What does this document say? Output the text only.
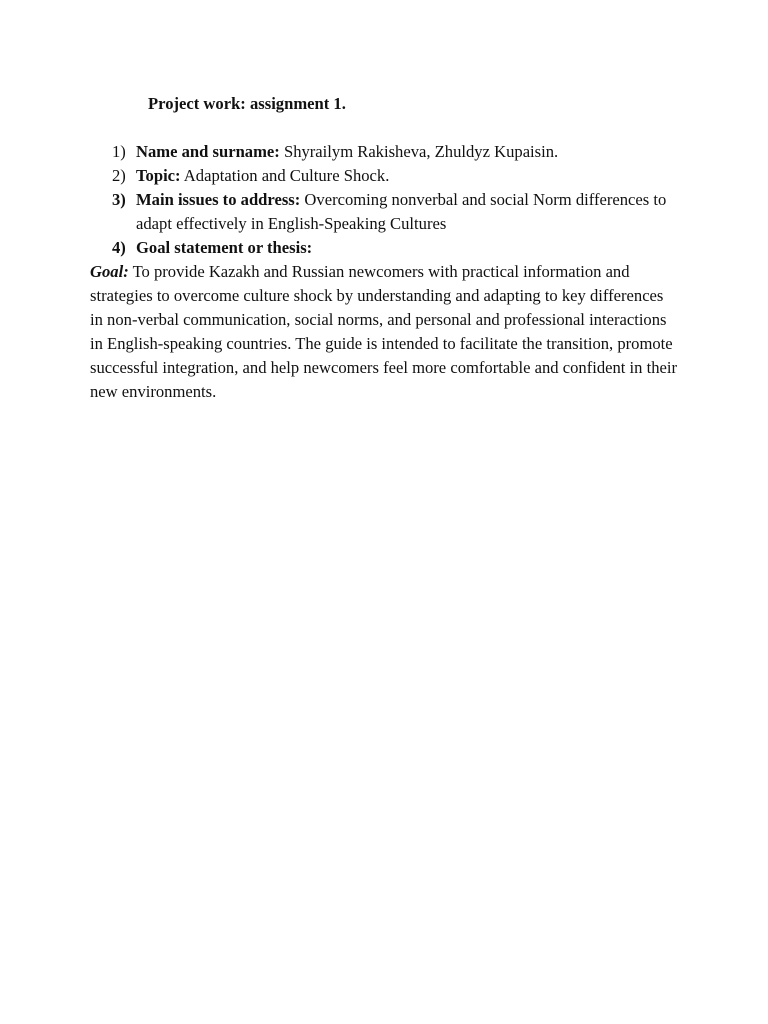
Project work: assignment 1.
1) Name and surname: Shyrailym Rakisheva, Zhuldyz Kupaisin.
2) Topic: Adaptation and Culture Shock.
3) Main issues to address: Overcoming nonverbal and social Norm differences to adapt effectively in English-Speaking Cultures
4) Goal statement or thesis:

Goal: To provide Kazakh and Russian newcomers with practical information and strategies to overcome culture shock by understanding and adapting to key differences in non-verbal communication, social norms, and personal and professional interactions in English-speaking countries. The guide is intended to facilitate the transition, promote successful integration, and help newcomers feel more comfortable and confident in their new environments.
